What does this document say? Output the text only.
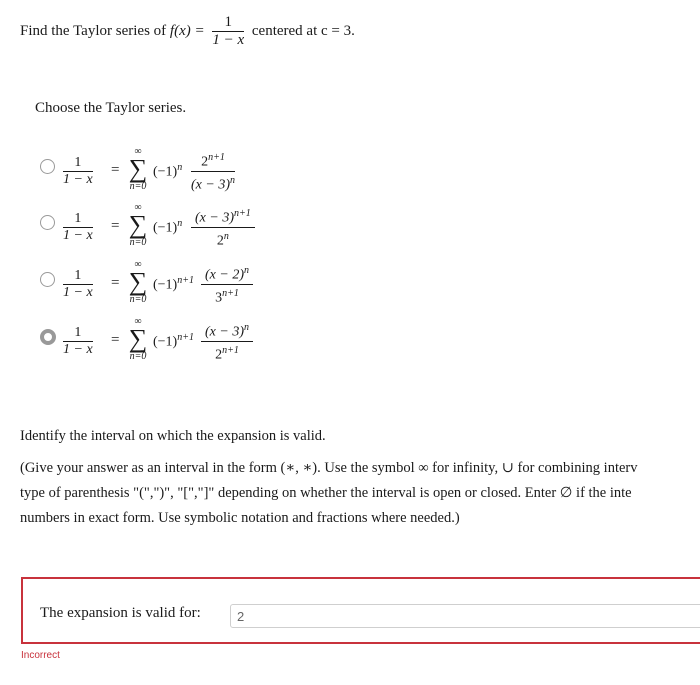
Find the Taylor series of $f(x) = \frac{1}{1 - x}$ centered at c = 3.
Choose the Taylor series.
$\frac{1}{1 - x}$ =
∞
∑
n=0
$(-1)^n$	$2^{n+1}$
$(x - 3)^n$
$\frac{1}{1 - x}$ =
∞
∑
n=0
$(-1)^n$ $(x - 3)^{n+1}$
2$^n$
$\frac{1}{1 - x}$ =
∞
∑
n=0
$(-1)^{n+1}$ $(x - 2)^n$
$3^{n+1}$
$\frac{1}{1 - x}$ =
∞
∑
n=0
$(-1)^{n+1}$ $(x - 3)^n$
$2^{n+1}$
Identify the interval on which the expansion is valid.
(Give your answer as an interval in the form (∗, ∗). Use the symbol ∞ for infinity, ∪ for combining interv
type of parenthesis "(",")", "[","]" depending on whether the interval is open or closed. Enter ∅ if the inte
numbers in exact form. Use symbolic notation and fractions where needed.)
The expansion is valid for:
2
Incorrect
